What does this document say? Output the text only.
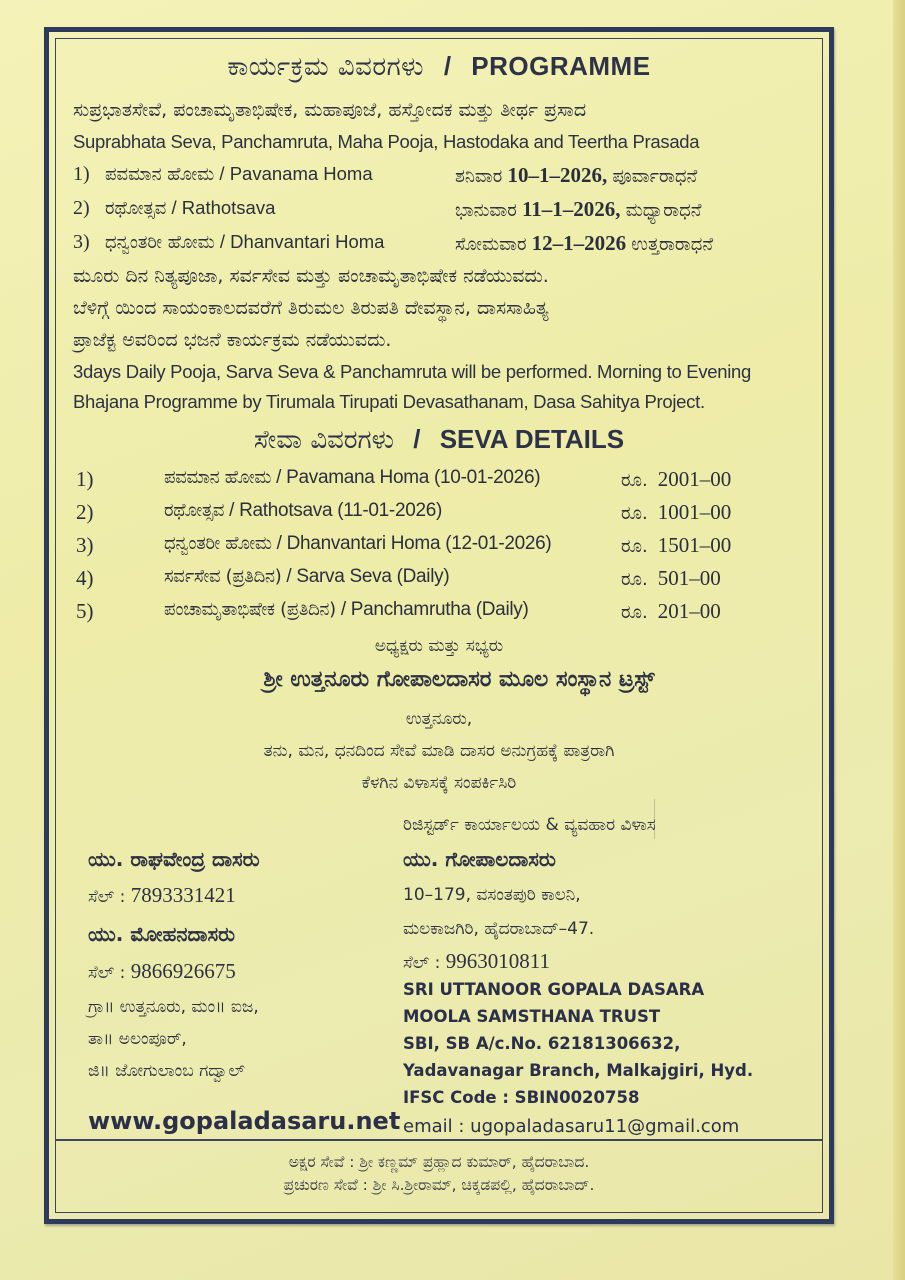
ಕಾರ್ಯಕ್ರಮ ವಿವರಗಳು / PROGRAMME
ಸುಪ್ರಭಾತಸೇವೆ, ಪಂಚಾಮೃತಾಭಿಷೇಕ, ಮಹಾಪೂಜೆ, ಹಸ್ತೋದಕ ಮತ್ತು ತೀರ್ಥ ಪ್ರಸಾದ
Suprabhata Seva, Panchamruta, Maha Pooja, Hastodaka and Teertha Prasada
1) ಪವಮಾನ ಹೋಮ / Pavanama Homa	ಶನಿವಾರ 10–1–2026, ಪೂರ್ವಾರಾಧನೆ
2) ರಥೋತ್ಸವ / Rathotsava	ಭಾನುವಾರ 11–1–2026, ಮಧ್ಯಾರಾಧನೆ
3) ಧನ್ವಂತರೀ ಹೋಮ / Dhanvantari Homa	ಸೋಮವಾರ 12–1–2026 ಉತ್ತರಾರಾಧನೆ
ಮೂರು ದಿನ ನಿತ್ಯಪೂಜಾ, ಸರ್ವಸೇವ ಮತ್ತು ಪಂಚಾಮೃತಾಭಿಷೇಕ ನಡೆಯುವದು.
ಬೆಳಿಗ್ಗೆ ಯಿಂದ ಸಾಯಂಕಾಲದವರೆಗೆ ತಿರುಮಲ ತಿರುಪತಿ ದೇವಸ್ಥಾನ, ದಾಸಸಾಹಿತ್ಯ
ಪ್ರಾಜೆಕ್ಟ ಅವರಿಂದ ಭಜನೆ ಕಾರ್ಯಕ್ರಮ ನಡೆಯುವದು.
3days Daily Pooja, Sarva Seva & Panchamruta will be performed. Morning to Evening
Bhajana Programme by Tirumala Tirupati Devasathanam, Dasa Sahitya Project.
ಸೇವಾ ವಿವರಗಳು / SEVA DETAILS
1)	ಪವಮಾನ ಹೋಮ / Pavamana Homa (10-01-2026)	ರೂ. 2001–00
2)	ರಥೋತ್ಸವ / Rathotsava (11-01-2026)	ರೂ. 1001–00
3)	ಧನ್ವಂತರೀ ಹೋಮ / Dhanvantari Homa (12-01-2026)	ರೂ. 1501–00
4)	ಸರ್ವಸೇವ (ಪ್ರತಿದಿನ) / Sarva Seva (Daily)	ರೂ. 501–00
5)	ಪಂಚಾಮೃತಾಭಿಷೇಕ (ಪ್ರತಿದಿನ) / Panchamrutha (Daily)	ರೂ. 201–00
ಅಧ್ಯಕ್ಷರು ಮತ್ತು ಸಭ್ಯರು
ಶ್ರೀ ಉತ್ತನೂರು ಗೋಪಾಲದಾಸರ ಮೂಲ ಸಂಸ್ಥಾನ ಟ್ರಸ್ಟ್
ಉತ್ತನೂರು,
ತನು, ಮನ, ಧನದಿಂದ ಸೇವೆ ಮಾಡಿ ದಾಸರ ಅನುಗ್ರಹಕ್ಕೆ ಪಾತ್ರರಾಗಿ
ಕೆಳಗಿನ ವಿಳಾಸಕ್ಕೆ ಸಂಪರ್ಕಿಸಿರಿ
ಯು. ರಾಘವೇಂದ್ರ ದಾಸರು
ಸೆಲ್ : 7893331421
ಯು. ಮೋಹನದಾಸರು
ಸೆಲ್ : 9866926675
ಗ್ರಾ॥ ಉತ್ತನೂರು, ಮಂ॥ ಐಜ,
ತಾ॥ ಅಲಂಪೂರ್,
ಜಿ॥ ಜೋಗುಲಾಂಬ ಗದ್ವಾಲ್
www.gopaladasaru.net
ರಿಜಿಸ್ಟರ್ಡ್ ಕಾರ್ಯಾಲಯ & ವ್ಯವಹಾರ ವಿಳಾಸ
ಯು. ಗೋಪಾಲದಾಸರು
10–179, ವಸಂತಪುರಿ ಕಾಲನಿ,
ಮಲಕಾಜಗಿರಿ, ಹೈದರಾಬಾದ್–47.
ಸೆಲ್ : 9963010811
SRI UTTANOOR GOPALA DASARA
MOOLA SAMSTHANA TRUST
SBI, SB A/c.No. 62181306632,
Yadavanagar Branch, Malkajgiri, Hyd.
IFSC Code : SBIN0020758
email : ugopaladasaru11@gmail.com
ಅಕ್ಷರ ಸೇವೆ : ಶ್ರೀ ಕಣ್ಣಮ್ ಪ್ರಹ್ಲಾದ ಕುಮಾರ್, ಹೈದರಾಬಾದ.
ಪ್ರಚುರಣ ಸೇವೆ : ಶ್ರೀ ಸಿ.ಶ್ರೀರಾಮ್, ಚಿಕ್ಕಡಪಲ್ಲಿ, ಹೈದರಾಬಾದ್.
